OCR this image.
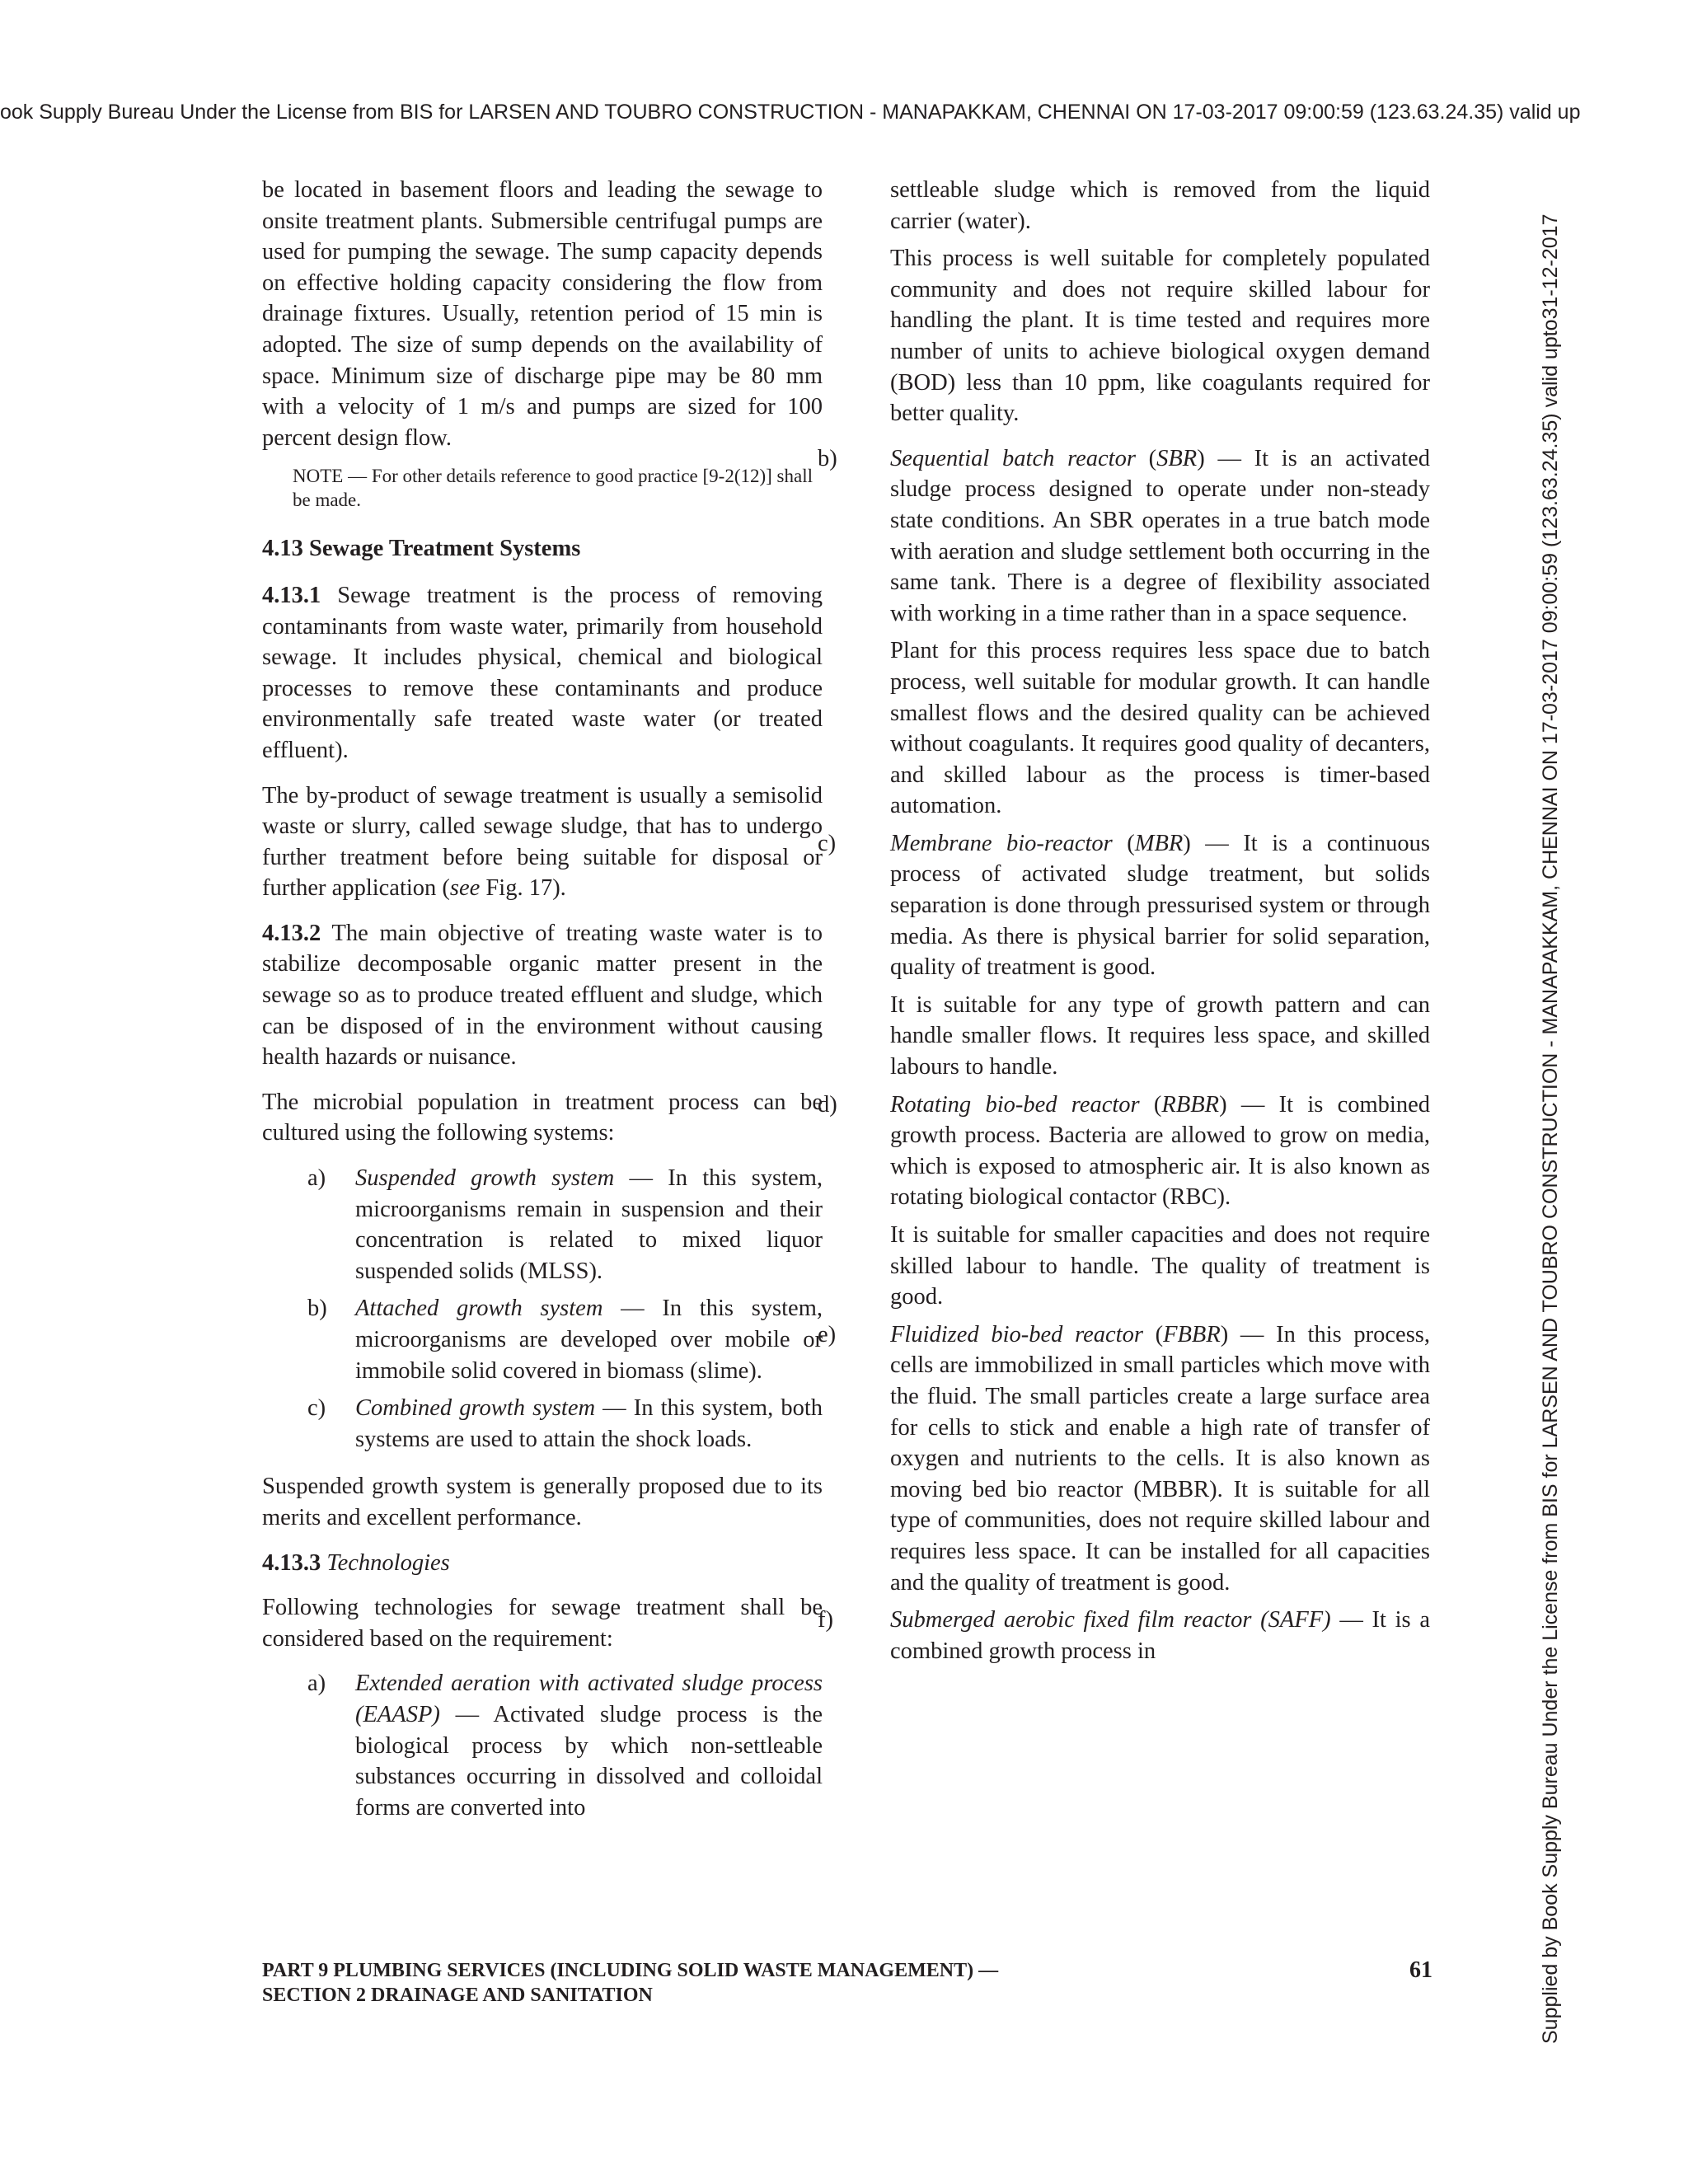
ook Supply Bureau Under the License from BIS for LARSEN AND TOUBRO CONSTRUCTION - MANAPAKKAM, CHENNAI ON 17-03-2017 09:00:59 (123.63.24.35) valid up
Supplied by Book Supply Bureau Under the License from BIS for LARSEN AND TOUBRO CONSTRUCTION - MANAPAKKAM, CHENNAI ON 17-03-2017 09:00:59 (123.63.24.35) valid upto31-12-2017

be located in basement floors and leading the sewage to onsite treatment plants. Submersible centrifugal pumps are used for pumping the sewage. The sump capacity depends on effective holding capacity considering the flow from drainage fixtures. Usually, retention period of 15 min is adopted. The size of sump depends on the availability of space. Minimum size of discharge pipe may be 80 mm with a velocity of 1 m/s and pumps are sized for 100 percent design flow.

NOTE — For other details reference to good practice [9-2(12)] shall be made.

4.13 Sewage Treatment Systems

4.13.1 Sewage treatment is the process of removing contaminants from waste water, primarily from household sewage. It includes physical, chemical and biological processes to remove these contaminants and produce environmentally safe treated waste water (or treated effluent).

The by-product of sewage treatment is usually a semisolid waste or slurry, called sewage sludge, that has to undergo further treatment before being suitable for disposal or further application (see Fig. 17).

4.13.2 The main objective of treating waste water is to stabilize decomposable organic matter present in the sewage so as to produce treated effluent and sludge, which can be disposed of in the environment without causing health hazards or nuisance.

The microbial population in treatment process can be cultured using the following systems:

a) Suspended growth system — In this system, microorganisms remain in suspension and their concentration is related to mixed liquor suspended solids (MLSS).

b) Attached growth system — In this system, microorganisms are developed over mobile or immobile solid covered in biomass (slime).

c) Combined growth system — In this system, both systems are used to attain the shock loads.

Suspended growth system is generally proposed due to its merits and excellent performance.

4.13.3 Technologies

Following technologies for sewage treatment shall be considered based on the requirement:

a) Extended aeration with activated sludge process (EAASP) — Activated sludge process is the biological process by which non-settleable substances occurring in dissolved and colloidal forms are converted into

settleable sludge which is removed from the liquid carrier (water).

This process is well suitable for completely populated community and does not require skilled labour for handling the plant. It is time tested and requires more number of units to achieve biological oxygen demand (BOD) less than 10 ppm, like coagulants required for better quality.

b) Sequential batch reactor (SBR) — It is an activated sludge process designed to operate under non-steady state conditions. An SBR operates in a true batch mode with aeration and sludge settlement both occurring in the same tank. There is a degree of flexibility associated with working in a time rather than in a space sequence.

Plant for this process requires less space due to batch process, well suitable for modular growth. It can handle smallest flows and the desired quality can be achieved without coagulants. It requires good quality of decanters, and skilled labour as the process is timer-based automation.

c) Membrane bio-reactor (MBR) — It is a continuous process of activated sludge treatment, but solids separation is done through pressurised system or through media. As there is physical barrier for solid separation, quality of treatment is good.

It is suitable for any type of growth pattern and can handle smaller flows. It requires less space, and skilled labours to handle.

d) Rotating bio-bed reactor (RBBR) — It is combined growth process. Bacteria are allowed to grow on media, which is exposed to atmospheric air. It is also known as rotating biological contactor (RBC).

It is suitable for smaller capacities and does not require skilled labour to handle. The quality of treatment is good.

e) Fluidized bio-bed reactor (FBBR) — In this process, cells are immobilized in small particles which move with the fluid. The small particles create a large surface area for cells to stick and enable a high rate of transfer of oxygen and nutrients to the cells. It is also known as moving bed bio reactor (MBBR). It is suitable for all type of communities, does not require skilled labour and requires less space. It can be installed for all capacities and the quality of treatment is good.

f) Submerged aerobic fixed film reactor (SAFF) — It is a combined growth process in

PART 9 PLUMBING SERVICES (INCLUDING SOLID WASTE MANAGEMENT) —
SECTION 2 DRAINAGE AND SANITATION
61
